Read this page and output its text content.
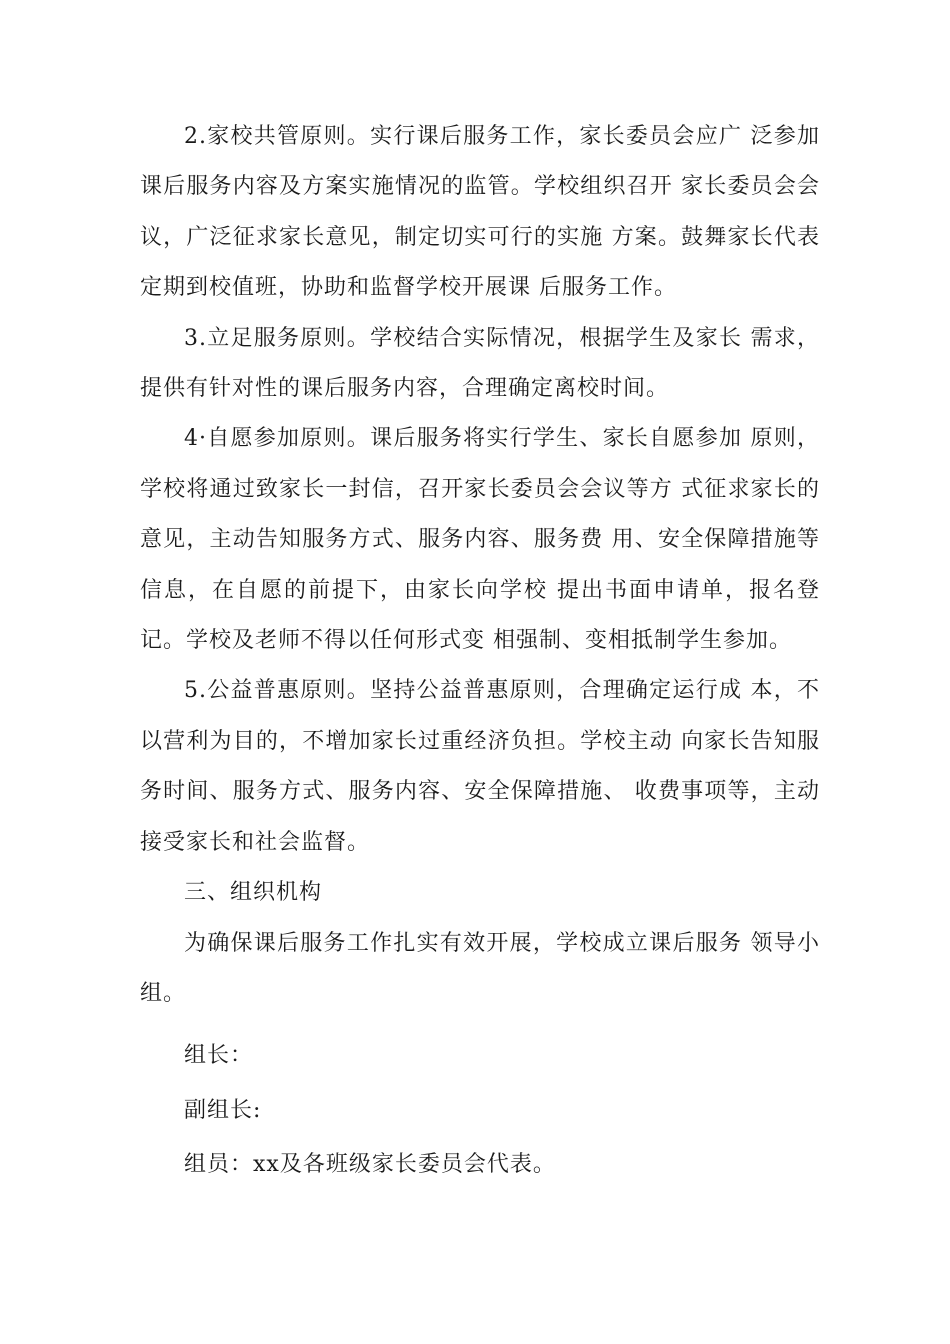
2.家校共管原则。实行课后服务工作，家长委员会应广 泛参加课后服务内容及方案实施情况的监管。学校组织召开 家长委员会会议，广泛征求家长意见，制定切实可行的实施 方案。鼓舞家长代表定期到校值班，协助和监督学校开展课 后服务工作。

3.立足服务原则。学校结合实际情况，根据学生及家长 需求，提供有针对性的课后服务内容，合理确定离校时间。

4·自愿参加原则。课后服务将实行学生、家长自愿参加 原则，学校将通过致家长一封信，召开家长委员会会议等方 式征求家长的意见，主动告知服务方式、服务内容、服务费 用、安全保障措施等信息，在自愿的前提下，由家长向学校 提出书面申请单，报名登记。学校及老师不得以任何形式变 相强制、变相抵制学生参加。

5.公益普惠原则。坚持公益普惠原则，合理确定运行成 本，不以营利为目的，不增加家长过重经济负担。学校主动 向家长告知服务时间、服务方式、服务内容、安全保障措施、 收费事项等，主动接受家长和社会监督。

三、组织机构

为确保课后服务工作扎实有效开展，学校成立课后服务 领导小组。

组长：

副组长:

组员：xx及各班级家长委员会代表。
